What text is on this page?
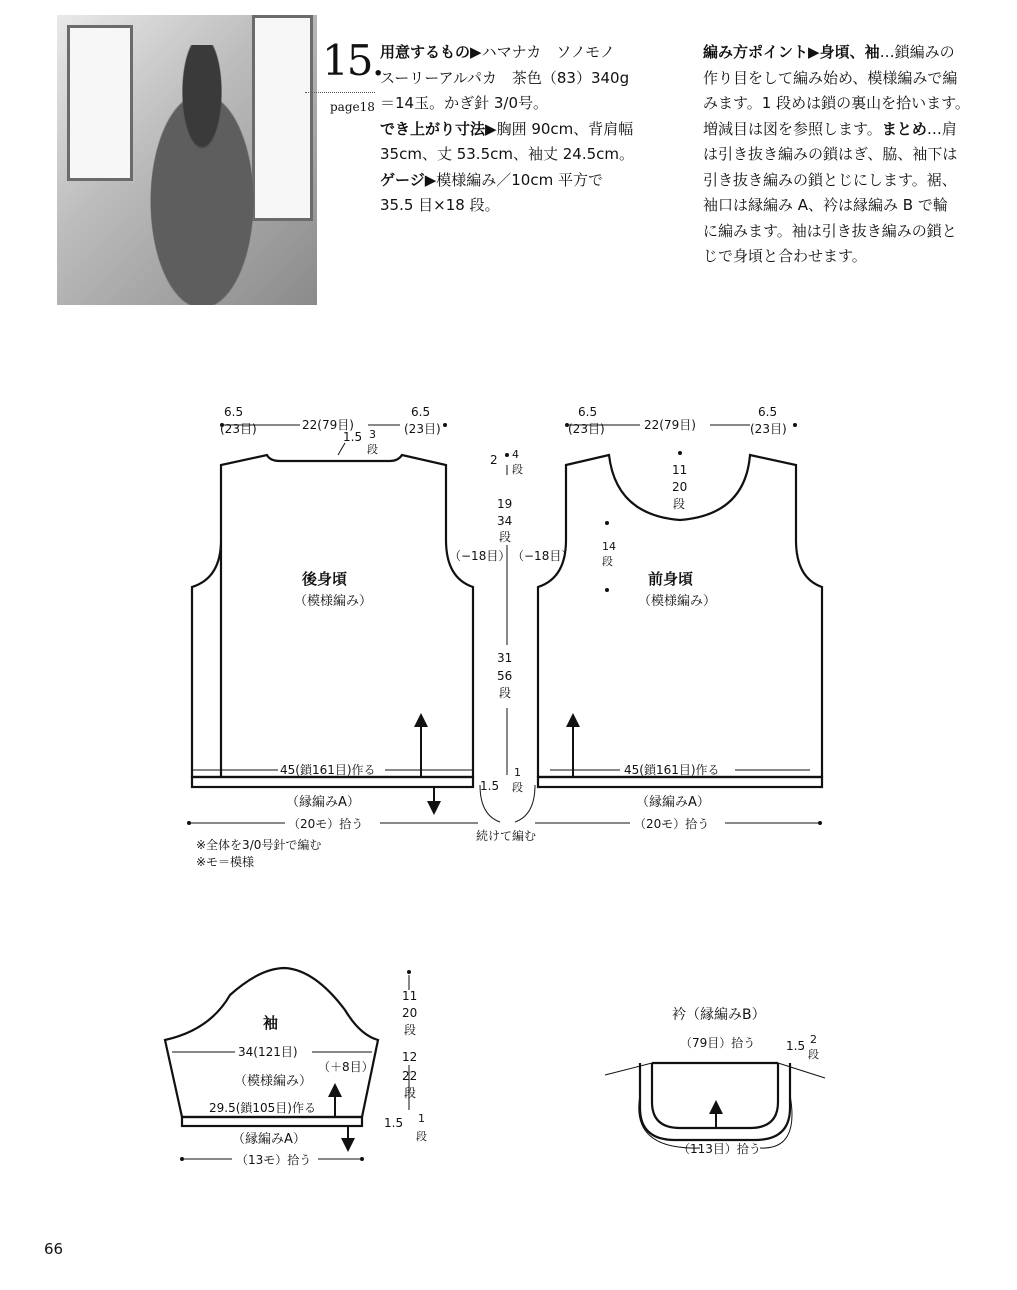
15.
page18
用意するもの▶ハマナカ　ソノモノ
スーリーアルパカ　茶色（83）340g
＝14玉。かぎ針 3/0号。
でき上がり寸法▶胸囲 90cm、背肩幅
35cm、丈 53.5cm、袖丈 24.5cm。
ゲージ▶模様編み／10cm 平方で
35.5 目×18 段。
編み方ポイント▶身頃、袖…鎖編みの
作り目をして編み始め、模様編みで編
みます。1 段めは鎖の裏山を拾います。
増減目は図を参照します。まとめ…肩
は引き抜き編みの鎖はぎ、脇、袖下は
引き抜き編みの鎖とじにします。裾、
袖口は縁編み A、衿は縁編み B で輪
に編みます。袖は引き抜き編みの鎖と
じで身頃と合わせます。
6.5
(23目)	22(79目)
6.5
(23目)
1.5 3
段
後身頃
（模様編み）
45(鎖161目)作る
（縁編みA）
（20モ）拾う
（−18目）
6.5
(23目)	22(79目)
6.5
(23目)
11
20
段
14
段
前身頃
（模様編み）
45(鎖161目)作る
（縁編みA）
（20モ）拾う
（−18目）
2 4
段
19
34
段
31
56
段
1.5
1
段
続けて編む
※全体を3/0号針で編む
※モ＝模様
袖
34(121目)
（＋8目）
（模様編み）
29.5(鎖105目)作る
（縁編みA）
（13モ）拾う
11
20
段
12
22
段
1.5 1
段
衿（縁編みB）
（79目）拾う	1.5 2
段
（113目）拾う
66
